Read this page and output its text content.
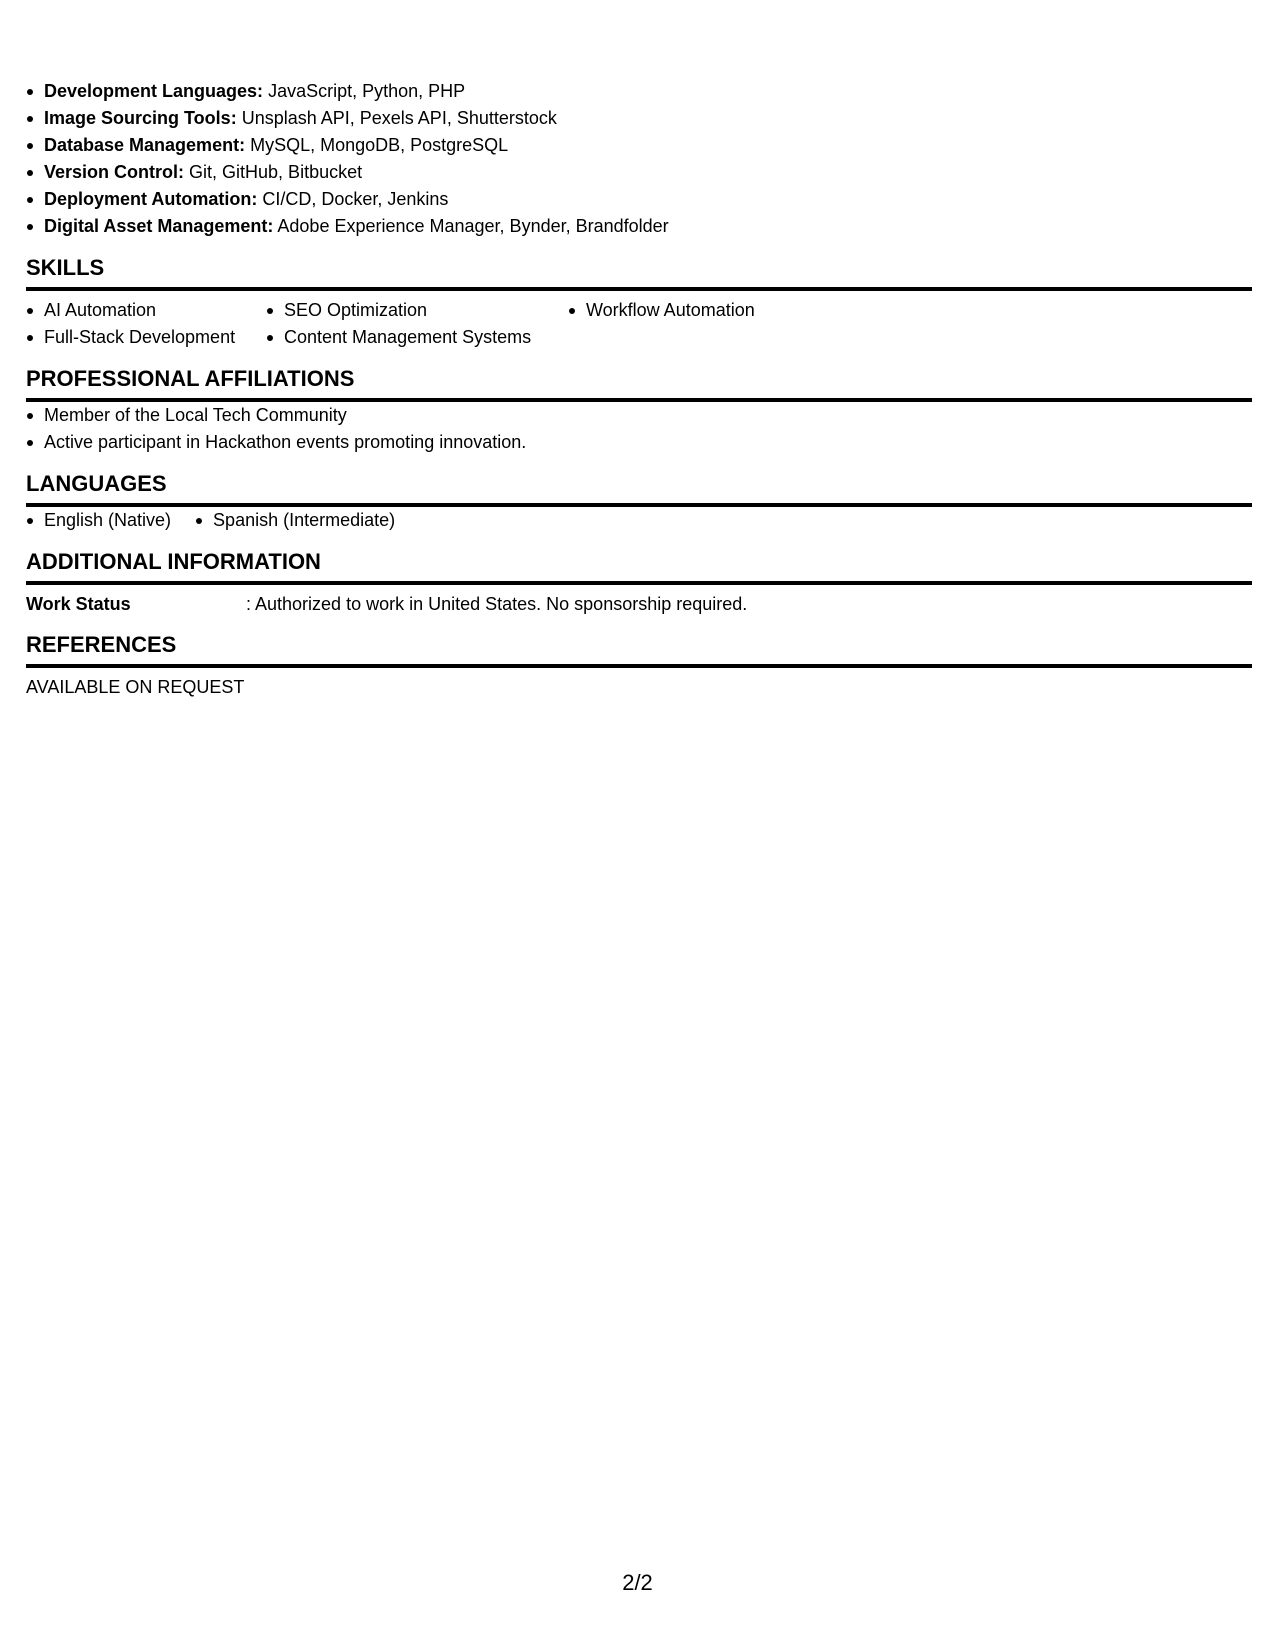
Development Languages: JavaScript, Python, PHP
Image Sourcing Tools: Unsplash API, Pexels API, Shutterstock
Database Management: MySQL, MongoDB, PostgreSQL
Version Control: Git, GitHub, Bitbucket
Deployment Automation: CI/CD, Docker, Jenkins
Digital Asset Management: Adobe Experience Manager, Bynder, Brandfolder
SKILLS
AI Automation
Full-Stack Development
SEO Optimization
Content Management Systems
Workflow Automation
PROFESSIONAL AFFILIATIONS
Member of the Local Tech Community
Active participant in Hackathon events promoting innovation.
LANGUAGES
English (Native)	Spanish (Intermediate)
ADDITIONAL INFORMATION
Work Status	: Authorized to work in United States. No sponsorship required.
REFERENCES
AVAILABLE ON REQUEST
2/2
